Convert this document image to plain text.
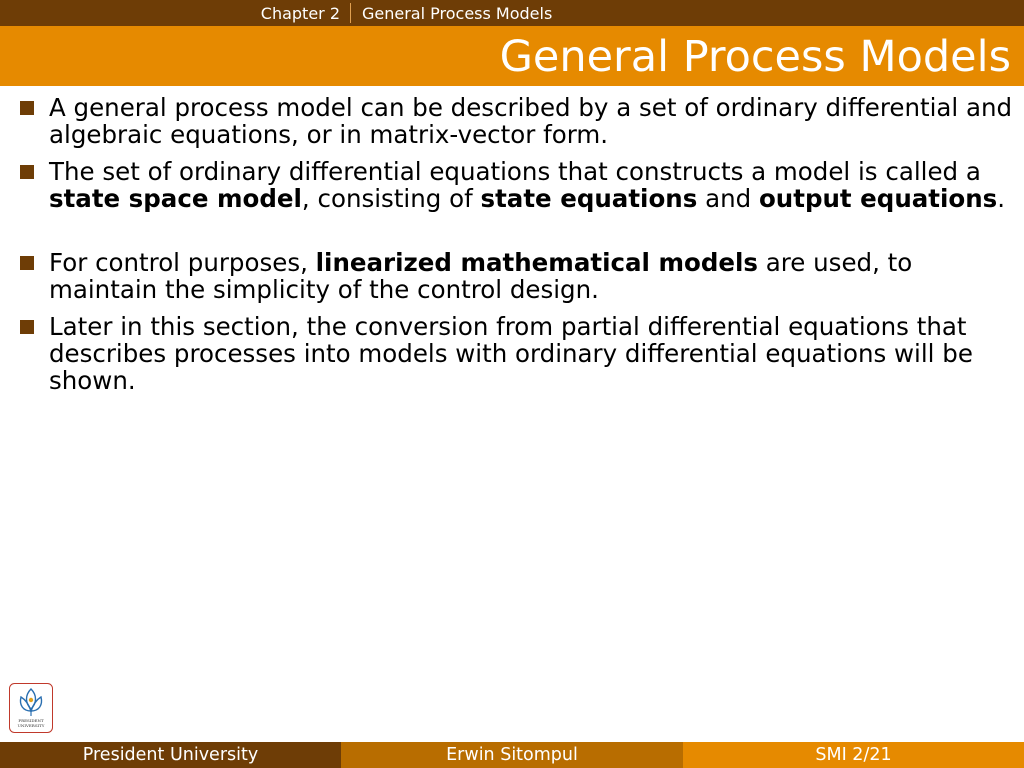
Chapter 2	General Process Models
General Process Models
A general process model can be described by a set of ordinary differential and algebraic equations, or in matrix-vector form.
The set of ordinary differential equations that constructs a model is called a state space model, consisting of state equations and output equations.
For control purposes, linearized mathematical models are used, to maintain the simplicity of the control design.
Later in this section, the conversion from partial differential equations that describes processes into models with ordinary differential equations will be shown.
PRESIDENT
UNIVERSITY
President University	Erwin Sitompul	SMI 2/21
